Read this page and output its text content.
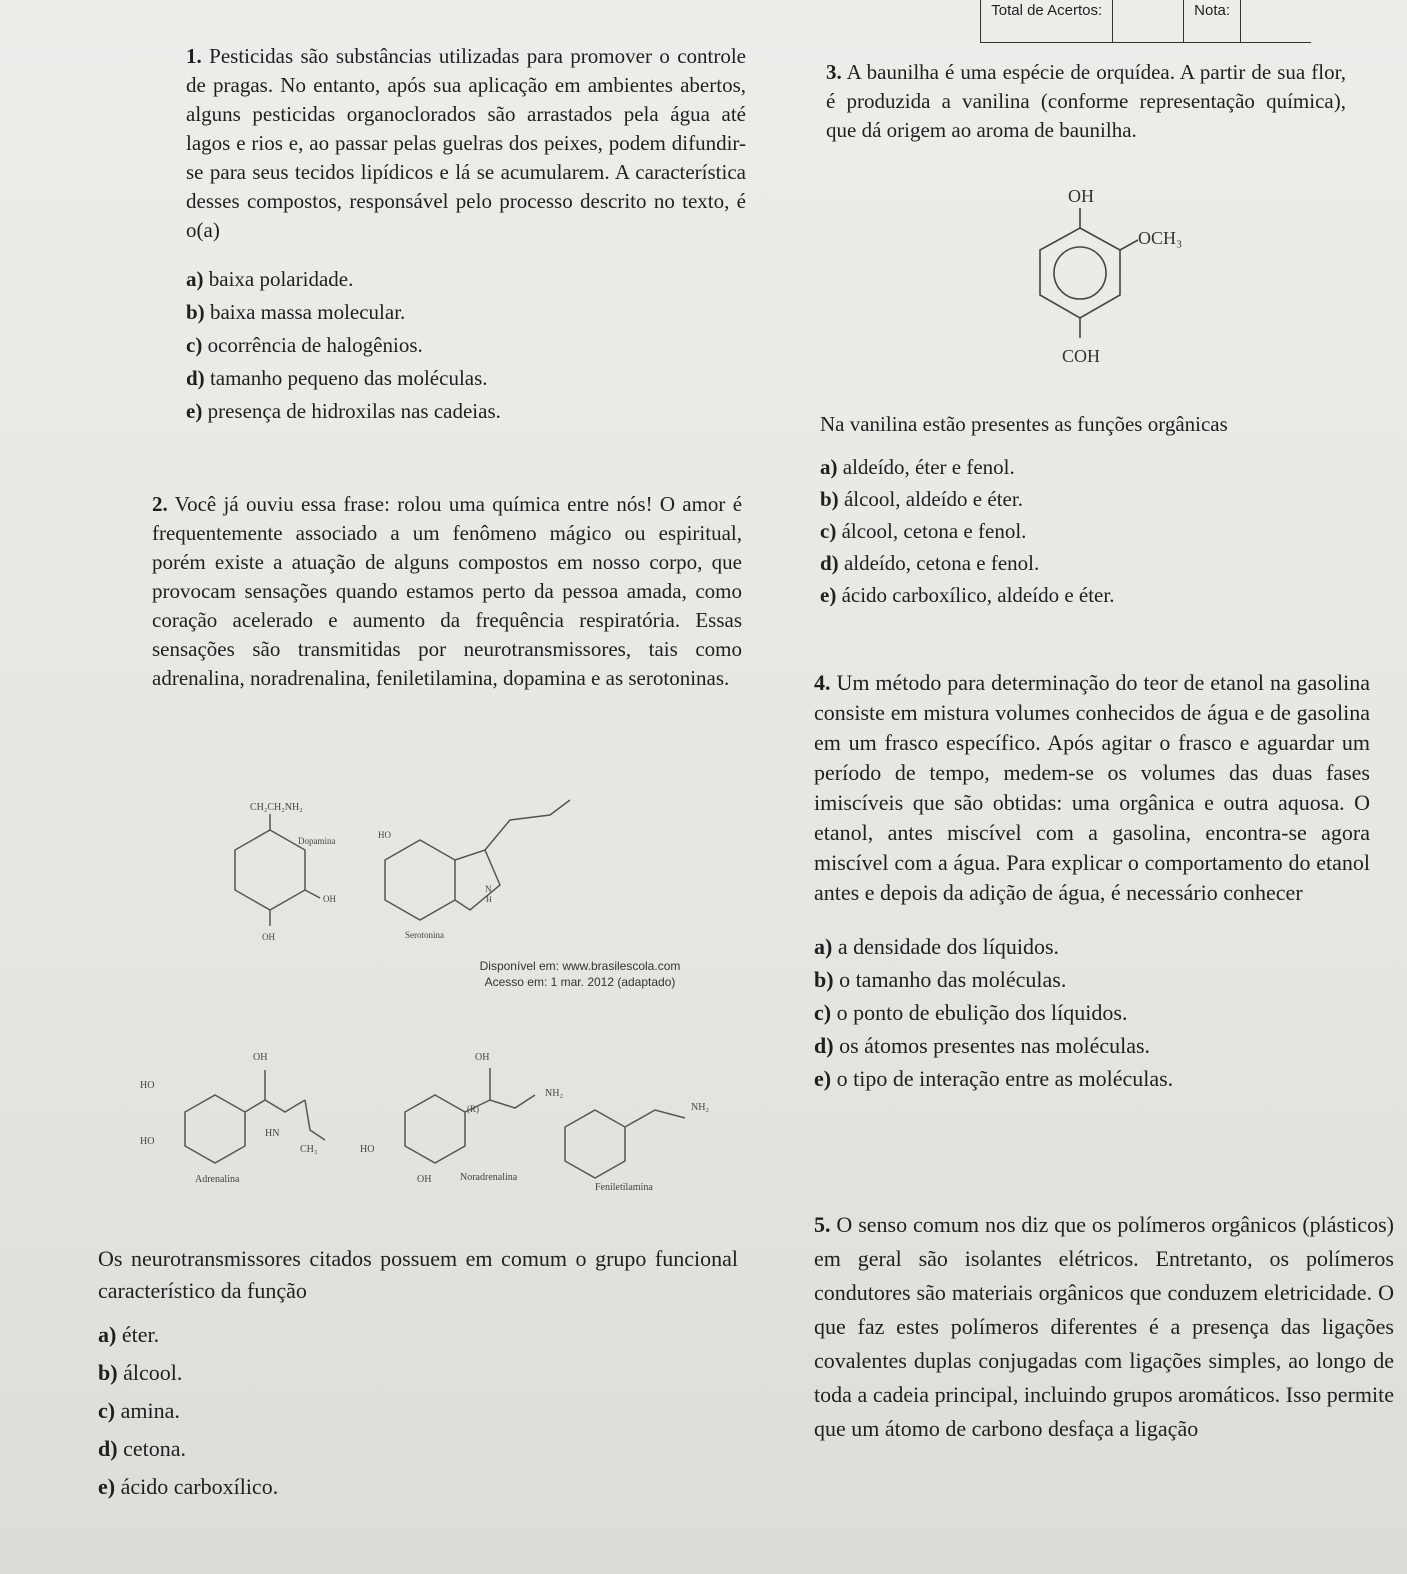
Total de Acertos:	Nota:

1. Pesticidas são substâncias utilizadas para promover o controle de pragas. No entanto, após sua aplicação em ambientes abertos, alguns pesticidas organoclorados são arrastados pela água até lagos e rios e, ao passar pelas guelras dos peixes, podem difundir-se para seus tecidos lipídicos e lá se acumularem. A característica desses compostos, responsável pelo processo descrito no texto, é o(a)

a) baixa polaridade.
b) baixa massa molecular.
c) ocorrência de halogênios.
d) tamanho pequeno das moléculas.
e) presença de hidroxilas nas cadeias.

2. Você já ouviu essa frase: rolou uma química entre nós! O amor é frequentemente associado a um fenômeno mágico ou espiritual, porém existe a atuação de alguns compostos em nosso corpo, que provocam sensações quando estamos perto da pessoa amada, como coração acelerado e aumento da frequência respiratória. Essas sensações são transmitidas por neurotransmissores, tais como adrenalina, noradrenalina, feniletilamina, dopamina e as serotoninas.

CH₂CH₂NH₂
Dopamina
OH
OH
HO
N
H
Serotonina
Disponível em: www.brasilescola.com
Acesso em: 1 mar. 2012 (adaptado)
OH
HO
HO
HN
CH₃
Adrenalina
OH
(R)
NH₂
HO
OH	Noradrenalina
NH₂
Feniletilamina

Os neurotransmissores citados possuem em comum o grupo funcional característico da função

a) éter.
b) álcool.
c) amina.
d) cetona.
e) ácido carboxílico.

3. A baunilha é uma espécie de orquídea. A partir de sua flor, é produzida a vanilina (conforme representação química), que dá origem ao aroma de baunilha.

OH
OCH₃
COH

Na vanilina estão presentes as funções orgânicas

a) aldeído, éter e fenol.
b) álcool, aldeído e éter.
c) álcool, cetona e fenol.
d) aldeído, cetona e fenol.
e) ácido carboxílico, aldeído e éter.

4. Um método para determinação do teor de etanol na gasolina consiste em mistura volumes conhecidos de água e de gasolina em um frasco específico. Após agitar o frasco e aguardar um período de tempo, medem-se os volumes das duas fases imiscíveis que são obtidas: uma orgânica e outra aquosa. O etanol, antes miscível com a gasolina, encontra-se agora miscível com a água. Para explicar o comportamento do etanol antes e depois da adição de água, é necessário conhecer

a) a densidade dos líquidos.
b) o tamanho das moléculas.
c) o ponto de ebulição dos líquidos.
d) os átomos presentes nas moléculas.
e) o tipo de interação entre as moléculas.

5. O senso comum nos diz que os polímeros orgânicos (plásticos) em geral são isolantes elétricos. Entretanto, os polímeros condutores são materiais orgânicos que conduzem eletricidade. O que faz estes polímeros diferentes é a presença das ligações covalentes duplas conjugadas com ligações simples, ao longo de toda a cadeia principal, incluindo grupos aromáticos. Isso permite que um átomo de carbono desfaça a ligação
